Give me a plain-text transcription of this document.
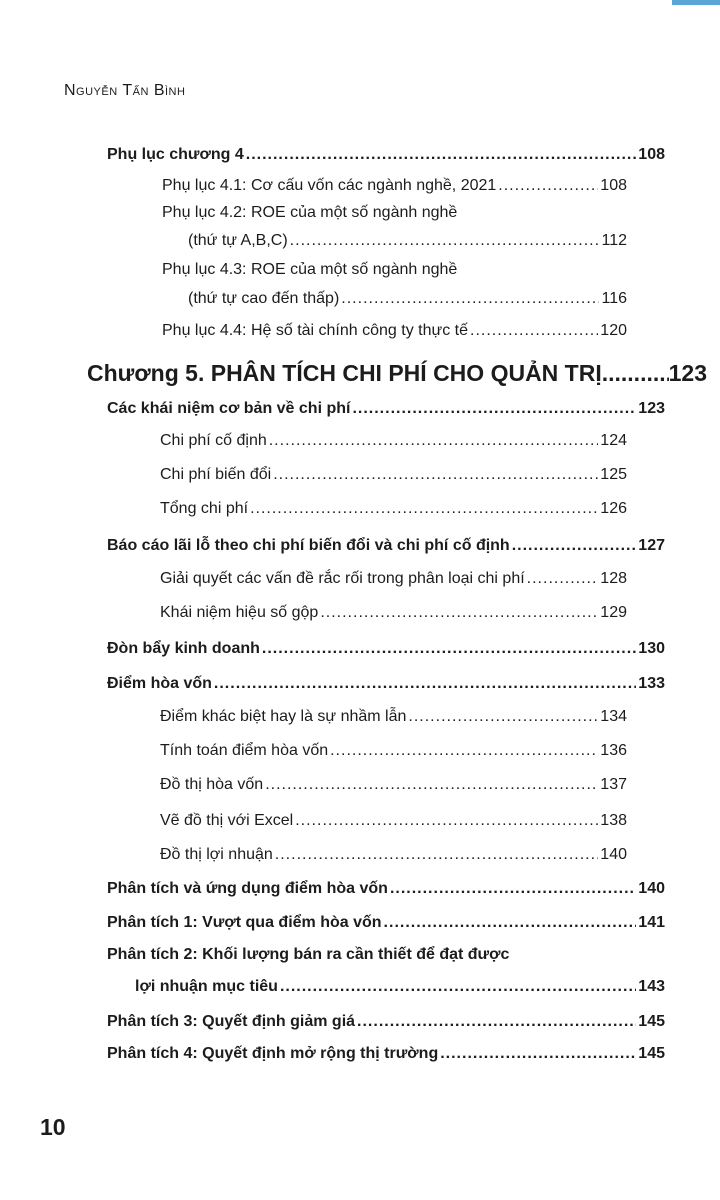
Nguyễn Tấn Bình
Phụ lục chương 4 .....	108
Phụ lục 4.1: Cơ cấu vốn các ngành nghề, 2021 .....	108
Phụ lục 4.2: ROE của một số ngành nghề
(thứ tự A,B,C) .....	112
Phụ lục 4.3: ROE của một số ngành nghề
(thứ tự cao đến thấp) .....	116
Phụ lục 4.4: Hệ số tài chính công ty thực tế .....	120
Chương 5. PHÂN TÍCH CHI PHÍ CHO QUẢN TRỊ .....	123
Các khái niệm cơ bản về chi phí .....	123
Chi phí cố định .....	124
Chi phí biến đổi .....	125
Tổng chi phí .....	126
Báo cáo lãi lỗ theo chi phí biến đổi và chi phí cố định .....	127
Giải quyết các vấn đề rắc rối trong phân loại chi phí .....	128
Khái niệm hiệu số gộp .....	129
Đòn bẩy kinh doanh .....	130
Điểm hòa vốn .....	133
Điểm khác biệt hay là sự nhầm lẫn .....	134
Tính toán điểm hòa vốn .....	136
Đồ thị hòa vốn .....	137
Vẽ đồ thị với Excel .....	138
Đồ thị lợi nhuận .....	140
Phân tích và ứng dụng điểm hòa vốn .....	140
Phân tích 1: Vượt qua điểm hòa vốn .....	141
Phân tích 2: Khối lượng bán ra cần thiết để đạt được
lợi nhuận mục tiêu .....	143
Phân tích 3: Quyết định giảm giá .....	145
Phân tích 4: Quyết định mở rộng thị trường .....	145
10
